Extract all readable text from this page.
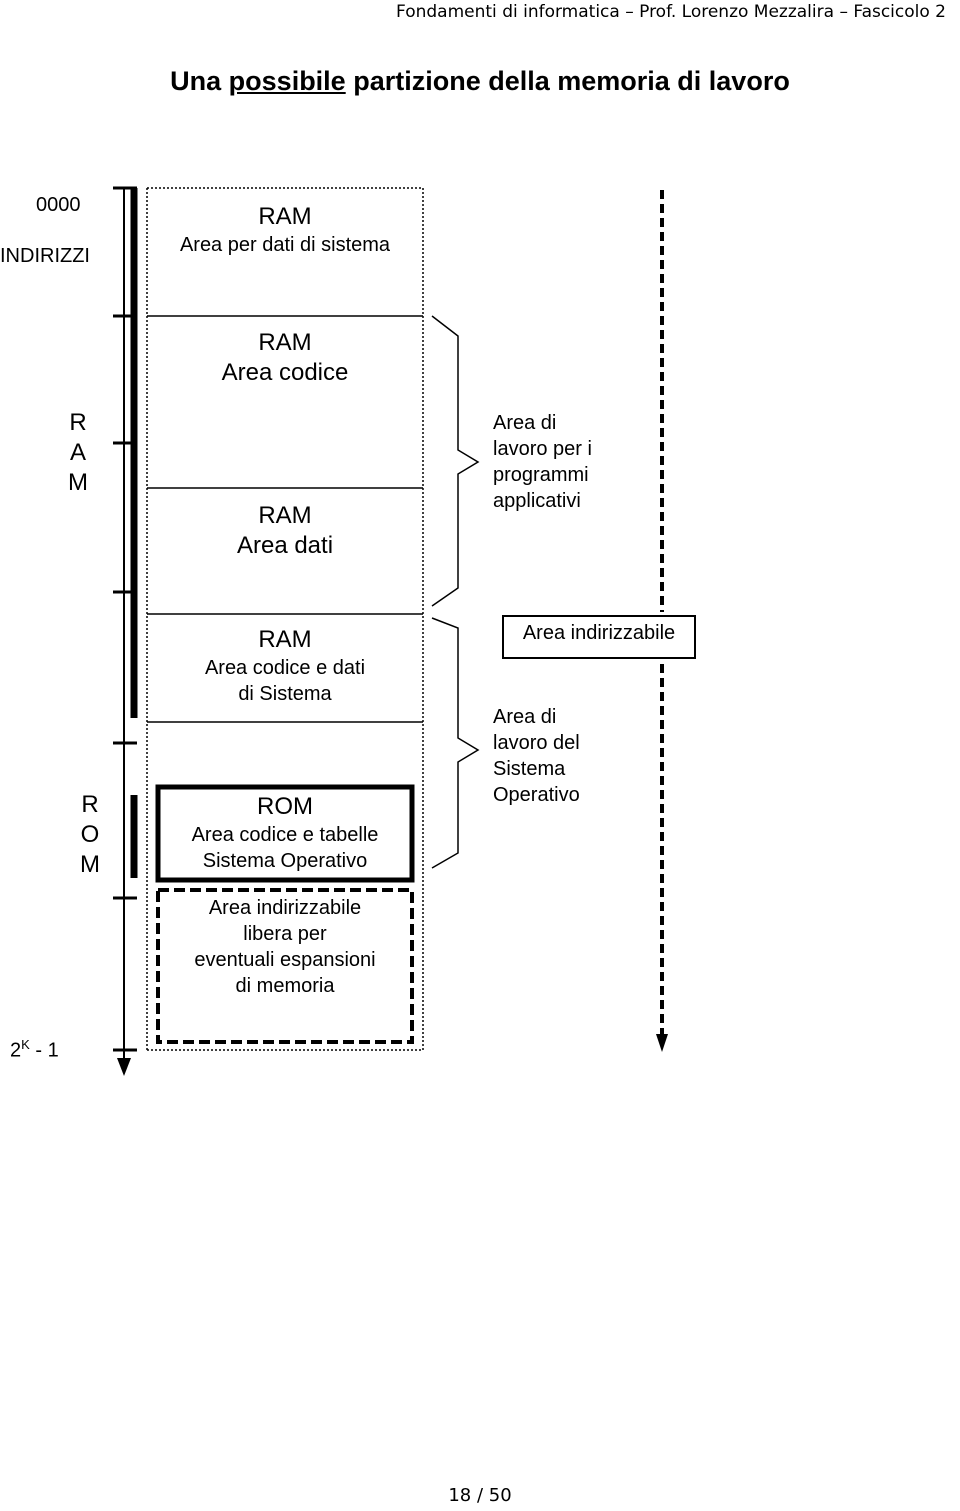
Fondamenti di informatica – Prof. Lorenzo Mezzalira – Fascicolo 2
Una possibile partizione della memoria di lavoro
0000
INDIRIZZI
$2^K - 1$
R
A
M
R
O
M
RAM
Area per dati di sistema
RAM
Area codice
RAM
Area dati
RAM
Area codice e dati
di Sistema
ROM
Area codice e tabelle
Sistema Operativo
Area indirizzabile
libera per
eventuali espansioni
di memoria
Area di
lavoro per i
programmi
applicativi
Area indirizzabile
Area di
lavoro del
Sistema
Operativo
18 / 50
